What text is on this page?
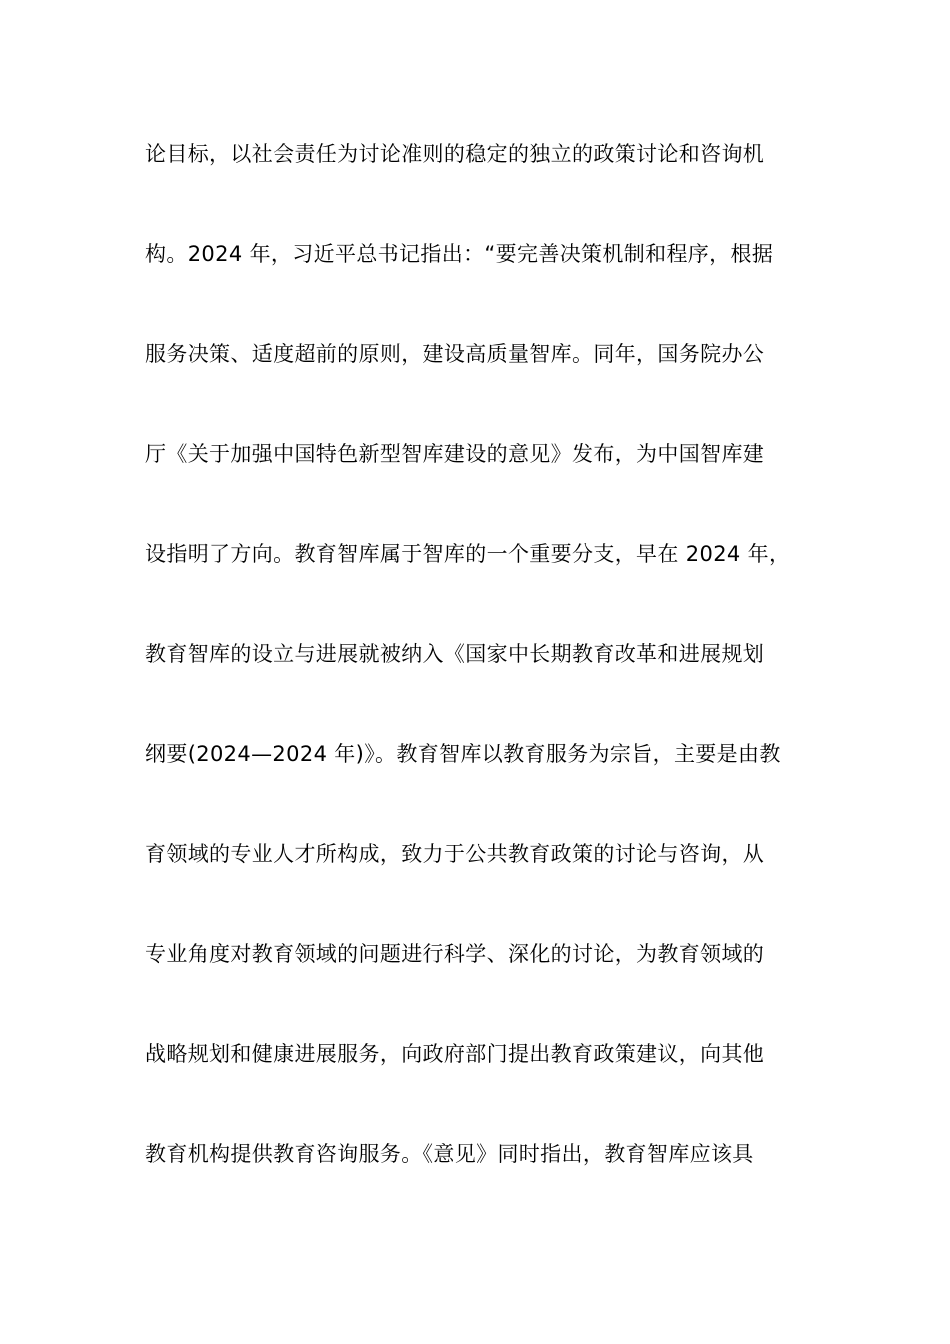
论目标，以社会责任为讨论准则的稳定的独立的政策讨论和咨询机
构。2024 年，习近平总书记指出：“要完善决策机制和程序，根据
服务决策、适度超前的原则，建设高质量智库。同年，国务院办公
厅《关于加强中国特色新型智库建设的意见》发布，为中国智库建
设指明了方向。教育智库属于智库的一个重要分支，早在 2024 年，
教育智库的设立与进展就被纳入《国家中长期教育改革和进展规划
纲要(2024—2024 年)》。教育智库以教育服务为宗旨，主要是由教
育领域的专业人才所构成，致力于公共教育政策的讨论与咨询，从
专业角度对教育领域的问题进行科学、深化的讨论，为教育领域的
战略规划和健康进展服务，向政府部门提出教育政策建议，向其他
教育机构提供教育咨询服务。《意见》同时指出，教育智库应该具
